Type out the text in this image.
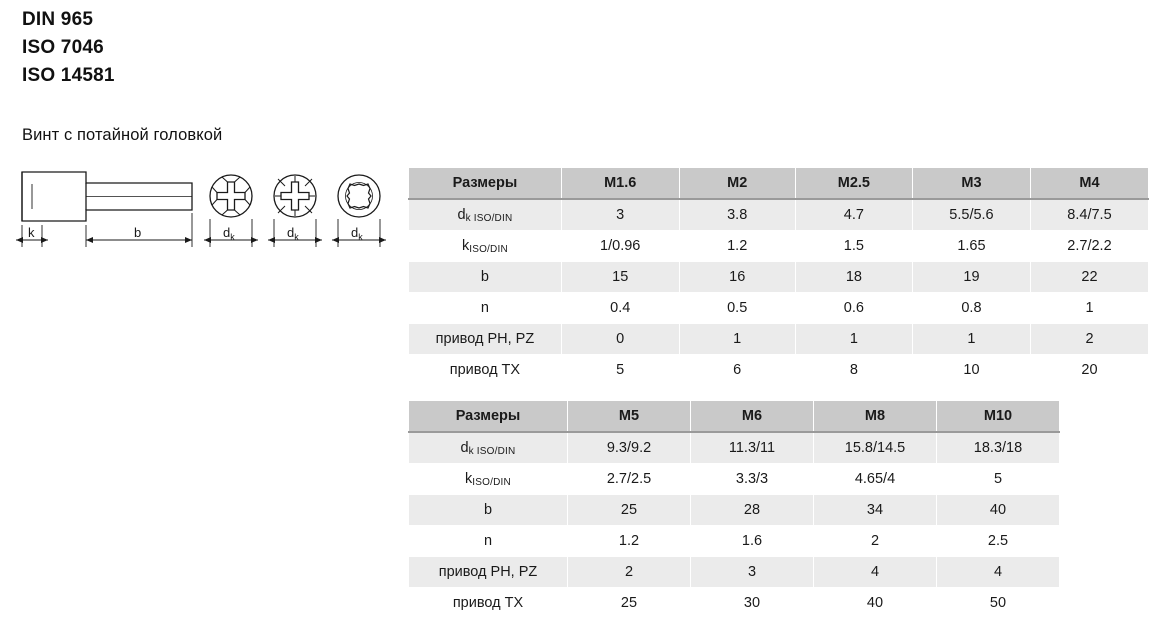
DIN 965
ISO 7046
ISO 14581
Винт с потайной головкой
k	b	$d_k$	$d_k$	$d_k$
Размеры	M1.6	M2	M2.5	M3	M4
dk ISO/DIN	3	3.8	4.7	5.5/5.6	8.4/7.5
kISO/DIN	1/0.96	1.2	1.5	1.65	2.7/2.2
b	15	16	18	19	22
n	0.4	0.5	0.6	0.8	1
привод PH, PZ	0	1	1	1	2
привод TX	5	6	8	10	20
Размеры	M5	M6	M8	M10
dk ISO/DIN	9.3/9.2	11.3/11	15.8/14.5	18.3/18
kISO/DIN	2.7/2.5	3.3/3	4.65/4	5
b	25	28	34	40
n	1.2	1.6	2	2.5
привод PH, PZ	2	3	4	4
привод TX	25	30	40	50
